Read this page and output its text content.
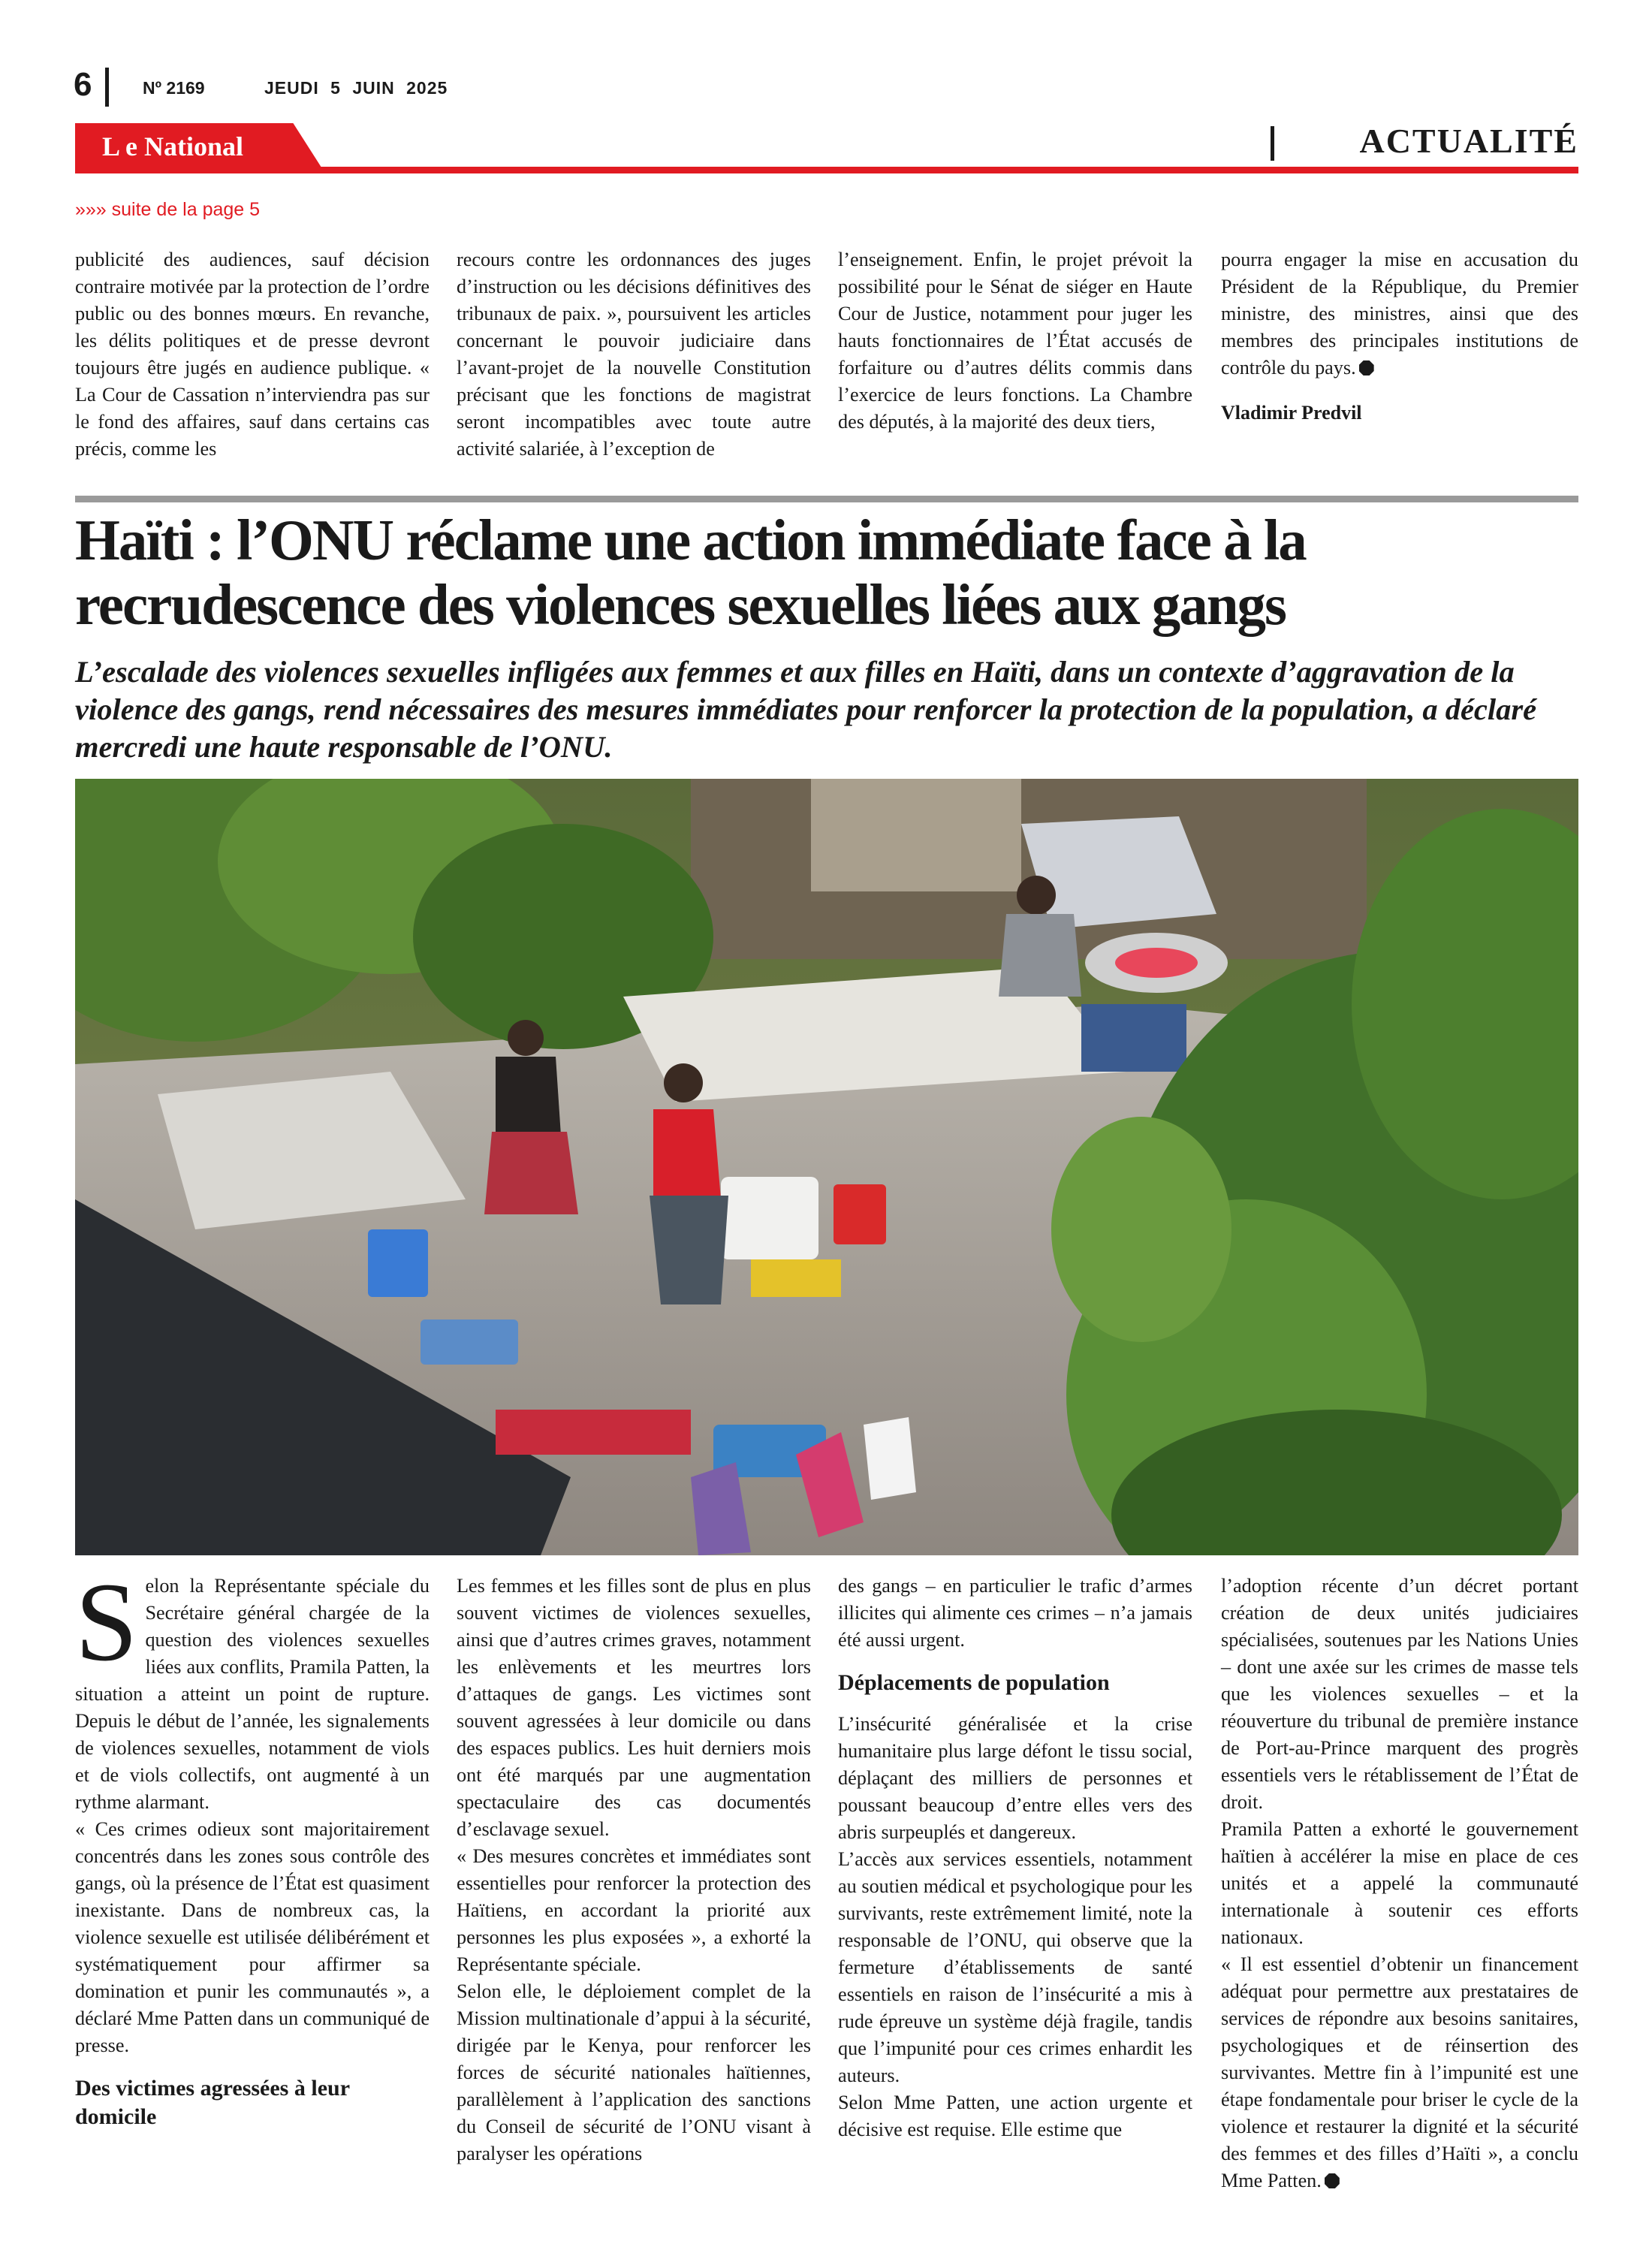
6	Nº 2169	JEUDI 5 JUIN 2025
L e National	ACTUALITÉ
»»» suite de la page 5

publicité des audiences, sauf décision contraire motivée par la protection de l’ordre public ou des bonnes mœurs. En revanche, les délits politiques et de presse devront toujours être jugés en audience publique. « La Cour de Cassation n’interviendra pas sur le fond des affaires, sauf dans certains cas précis, comme les

recours contre les ordonnances des juges d’instruction ou les décisions définitives des tribunaux de paix. », poursuivent les articles concernant le pouvoir judiciaire dans l’avant-projet de la nouvelle Constitution précisant que les fonctions de magistrat seront incompatibles avec toute autre activité salariée, à l’exception de

l’enseignement. Enfin, le projet prévoit la possibilité pour le Sénat de siéger en Haute Cour de Justice, notamment pour juger les hauts fonctionnaires de l’État accusés de forfaiture ou d’autres délits commis dans l’exercice de leurs fonctions. La Chambre des députés, à la majorité des deux tiers,

pourra engager la mise en accusation du Président de la République, du Premier ministre, des ministres, ainsi que des membres des principales institutions de contrôle du pays.

Vladimir Predvil

Haïti : l’ONU réclame une action immédiate face à la recrudescence des violences sexuelles liées aux gangs
L’escalade des violences sexuelles infligées aux femmes et aux filles en Haïti, dans un contexte d’aggravation de la violence des gangs, rend nécessaires des mesures immédiates pour renforcer la protection de la population, a déclaré mercredi une haute responsable de l’ONU.

Selon la Représentante spéciale du Secrétaire général chargée de la question des violences sexuelles liées aux conflits, Pramila Patten, la situation a atteint un point de rupture. Depuis le début de l’année, les signalements de violences sexuelles, notamment de viols et de viols collectifs, ont augmenté à un rythme alarmant.

« Ces crimes odieux sont majoritairement concentrés dans les zones sous contrôle des gangs, où la présence de l’État est quasiment inexistante. Dans de nombreux cas, la violence sexuelle est utilisée délibérément et systématiquement pour affirmer sa domination et punir les communautés », a déclaré Mme Patten dans un communiqué de presse.

Des victimes agressées à leur domicile

Les femmes et les filles sont de plus en plus souvent victimes de violences sexuelles, ainsi que d’autres crimes graves, notamment les enlèvements et les meurtres lors d’attaques de gangs. Les victimes sont souvent agressées à leur domicile ou dans des espaces publics. Les huit derniers mois ont été marqués par une augmentation spectaculaire des cas documentés d’esclavage sexuel.

« Des mesures concrètes et immédiates sont essentielles pour renforcer la protection des Haïtiens, en accordant la priorité aux personnes les plus exposées », a exhorté la Représentante spéciale.

Selon elle, le déploiement complet de la Mission multinationale d’appui à la sécurité, dirigée par le Kenya, pour renforcer les forces de sécurité nationales haïtiennes, parallèlement à l’application des sanctions du Conseil de sécurité de l’ONU visant à paralyser les opérations

des gangs – en particulier le trafic d’armes illicites qui alimente ces crimes – n’a jamais été aussi urgent.

Déplacements de population

L’insécurité généralisée et la crise humanitaire plus large défont le tissu social, déplaçant des milliers de personnes et poussant beaucoup d’entre elles vers des abris surpeuplés et dangereux.

L’accès aux services essentiels, notamment au soutien médical et psychologique pour les survivants, reste extrêmement limité, note la responsable de l’ONU, qui observe que la fermeture d’établissements de santé essentiels en raison de l’insécurité a mis à rude épreuve un système déjà fragile, tandis que l’impunité pour ces crimes enhardit les auteurs.

Selon Mme Patten, une action urgente et décisive est requise. Elle estime que

l’adoption récente d’un décret portant création de deux unités judiciaires spécialisées, soutenues par les Nations Unies – dont une axée sur les crimes de masse tels que les violences sexuelles – et la réouverture du tribunal de première instance de Port-au-Prince marquent des progrès essentiels vers le rétablissement de l’État de droit.

Pramila Patten a exhorté le gouvernement haïtien à accélérer la mise en place de ces unités et a appelé la communauté internationale à soutenir ces efforts nationaux.

« Il est essentiel d’obtenir un financement adéquat pour permettre aux prestataires de services de répondre aux besoins sanitaires, psychologiques et de réinsertion des survivantes. Mettre fin à l’impunité est une étape fondamentale pour briser le cycle de la violence et restaurer la dignité et la sécurité des femmes et des filles d’Haïti », a conclu Mme Patten.
